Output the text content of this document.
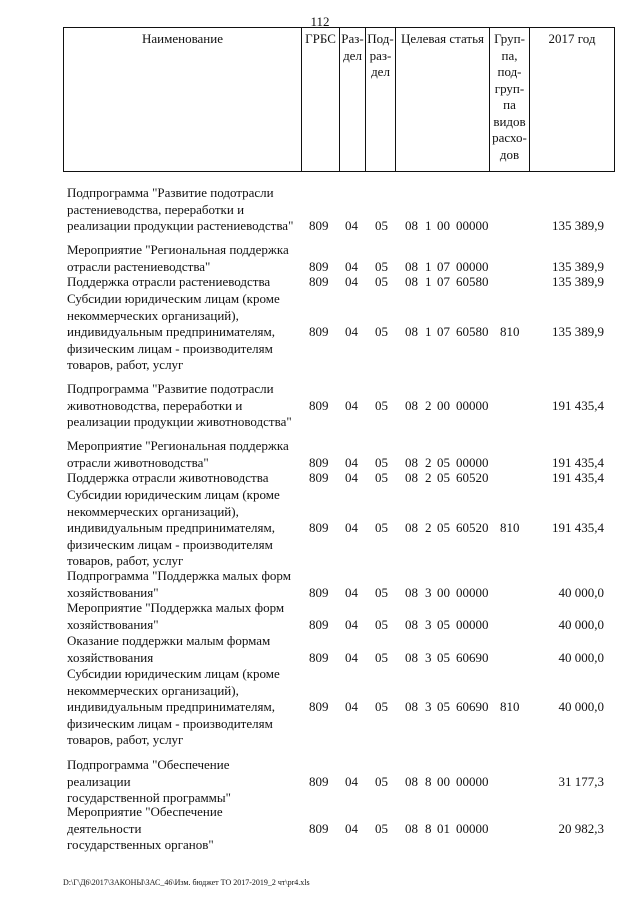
112
Наименование	ГРБС Раз-
дел
Под-
раз-
дел
Целевая статья Груп-
па,
под-
груп-
па
видов
расхо-
дов
2017 год
Подпрограмма "Развитие подотрасли
растениеводства, переработки и
реализации продукции растениеводства" 809 04 05 08 1 00 00000	135 389,9
Мероприятие "Региональная поддержка
отрасли растениеводства"	809 04 05 08 1 07 00000	135 389,9
Поддержка отрасли растениеводства	809 04 05 08 1 07 60580	135 389,9
Субсидии юридическим лицам (кроме
некоммерческих организаций),
индивидуальным предпринимателям,
физическим лицам - производителям
товаров, работ, услуг
809 04 05 08 1 07 60580 810	135 389,9
Подпрограмма "Развитие подотрасли
животноводства, переработки и
реализации продукции животноводства"
809 04 05 08 2 00 00000	191 435,4
Мероприятие "Региональная поддержка
отрасли животноводства"	809 04 05 08 2 05 00000	191 435,4
Поддержка отрасли животноводства	809 04 05 08 2 05 60520	191 435,4
Субсидии юридическим лицам (кроме
некоммерческих организаций),
индивидуальным предпринимателям,
физическим лицам - производителям
товаров, работ, услуг
809 04 05 08 2 05 60520 810	191 435,4
Подпрограмма "Поддержка малых форм
хозяйствования"	809 04 05 08 3 00 00000	40 000,0
Мероприятие "Поддержка малых форм
хозяйствования"	809 04 05 08 3 05 00000	40 000,0
Оказание поддержки малым формам
хозяйствования	809 04 05 08 3 05 60690	40 000,0
Субсидии юридическим лицам (кроме
некоммерческих организаций),
индивидуальным предпринимателям,
физическим лицам - производителям
товаров, работ, услуг
809 04 05 08 3 05 60690 810	40 000,0
Подпрограмма "Обеспечение реализации
государственной программы"
809 04 05 08 8 00 00000	31 177,3
Мероприятие "Обеспечение деятельности
государственных органов"
809 04 05 08 8 01 00000	20 982,3
D:\Г\Д6\2017\ЗАКОНЫ\ЗАС_46\Изм. бюджет ТО 2017-2019_2 чт\pr4.xls
